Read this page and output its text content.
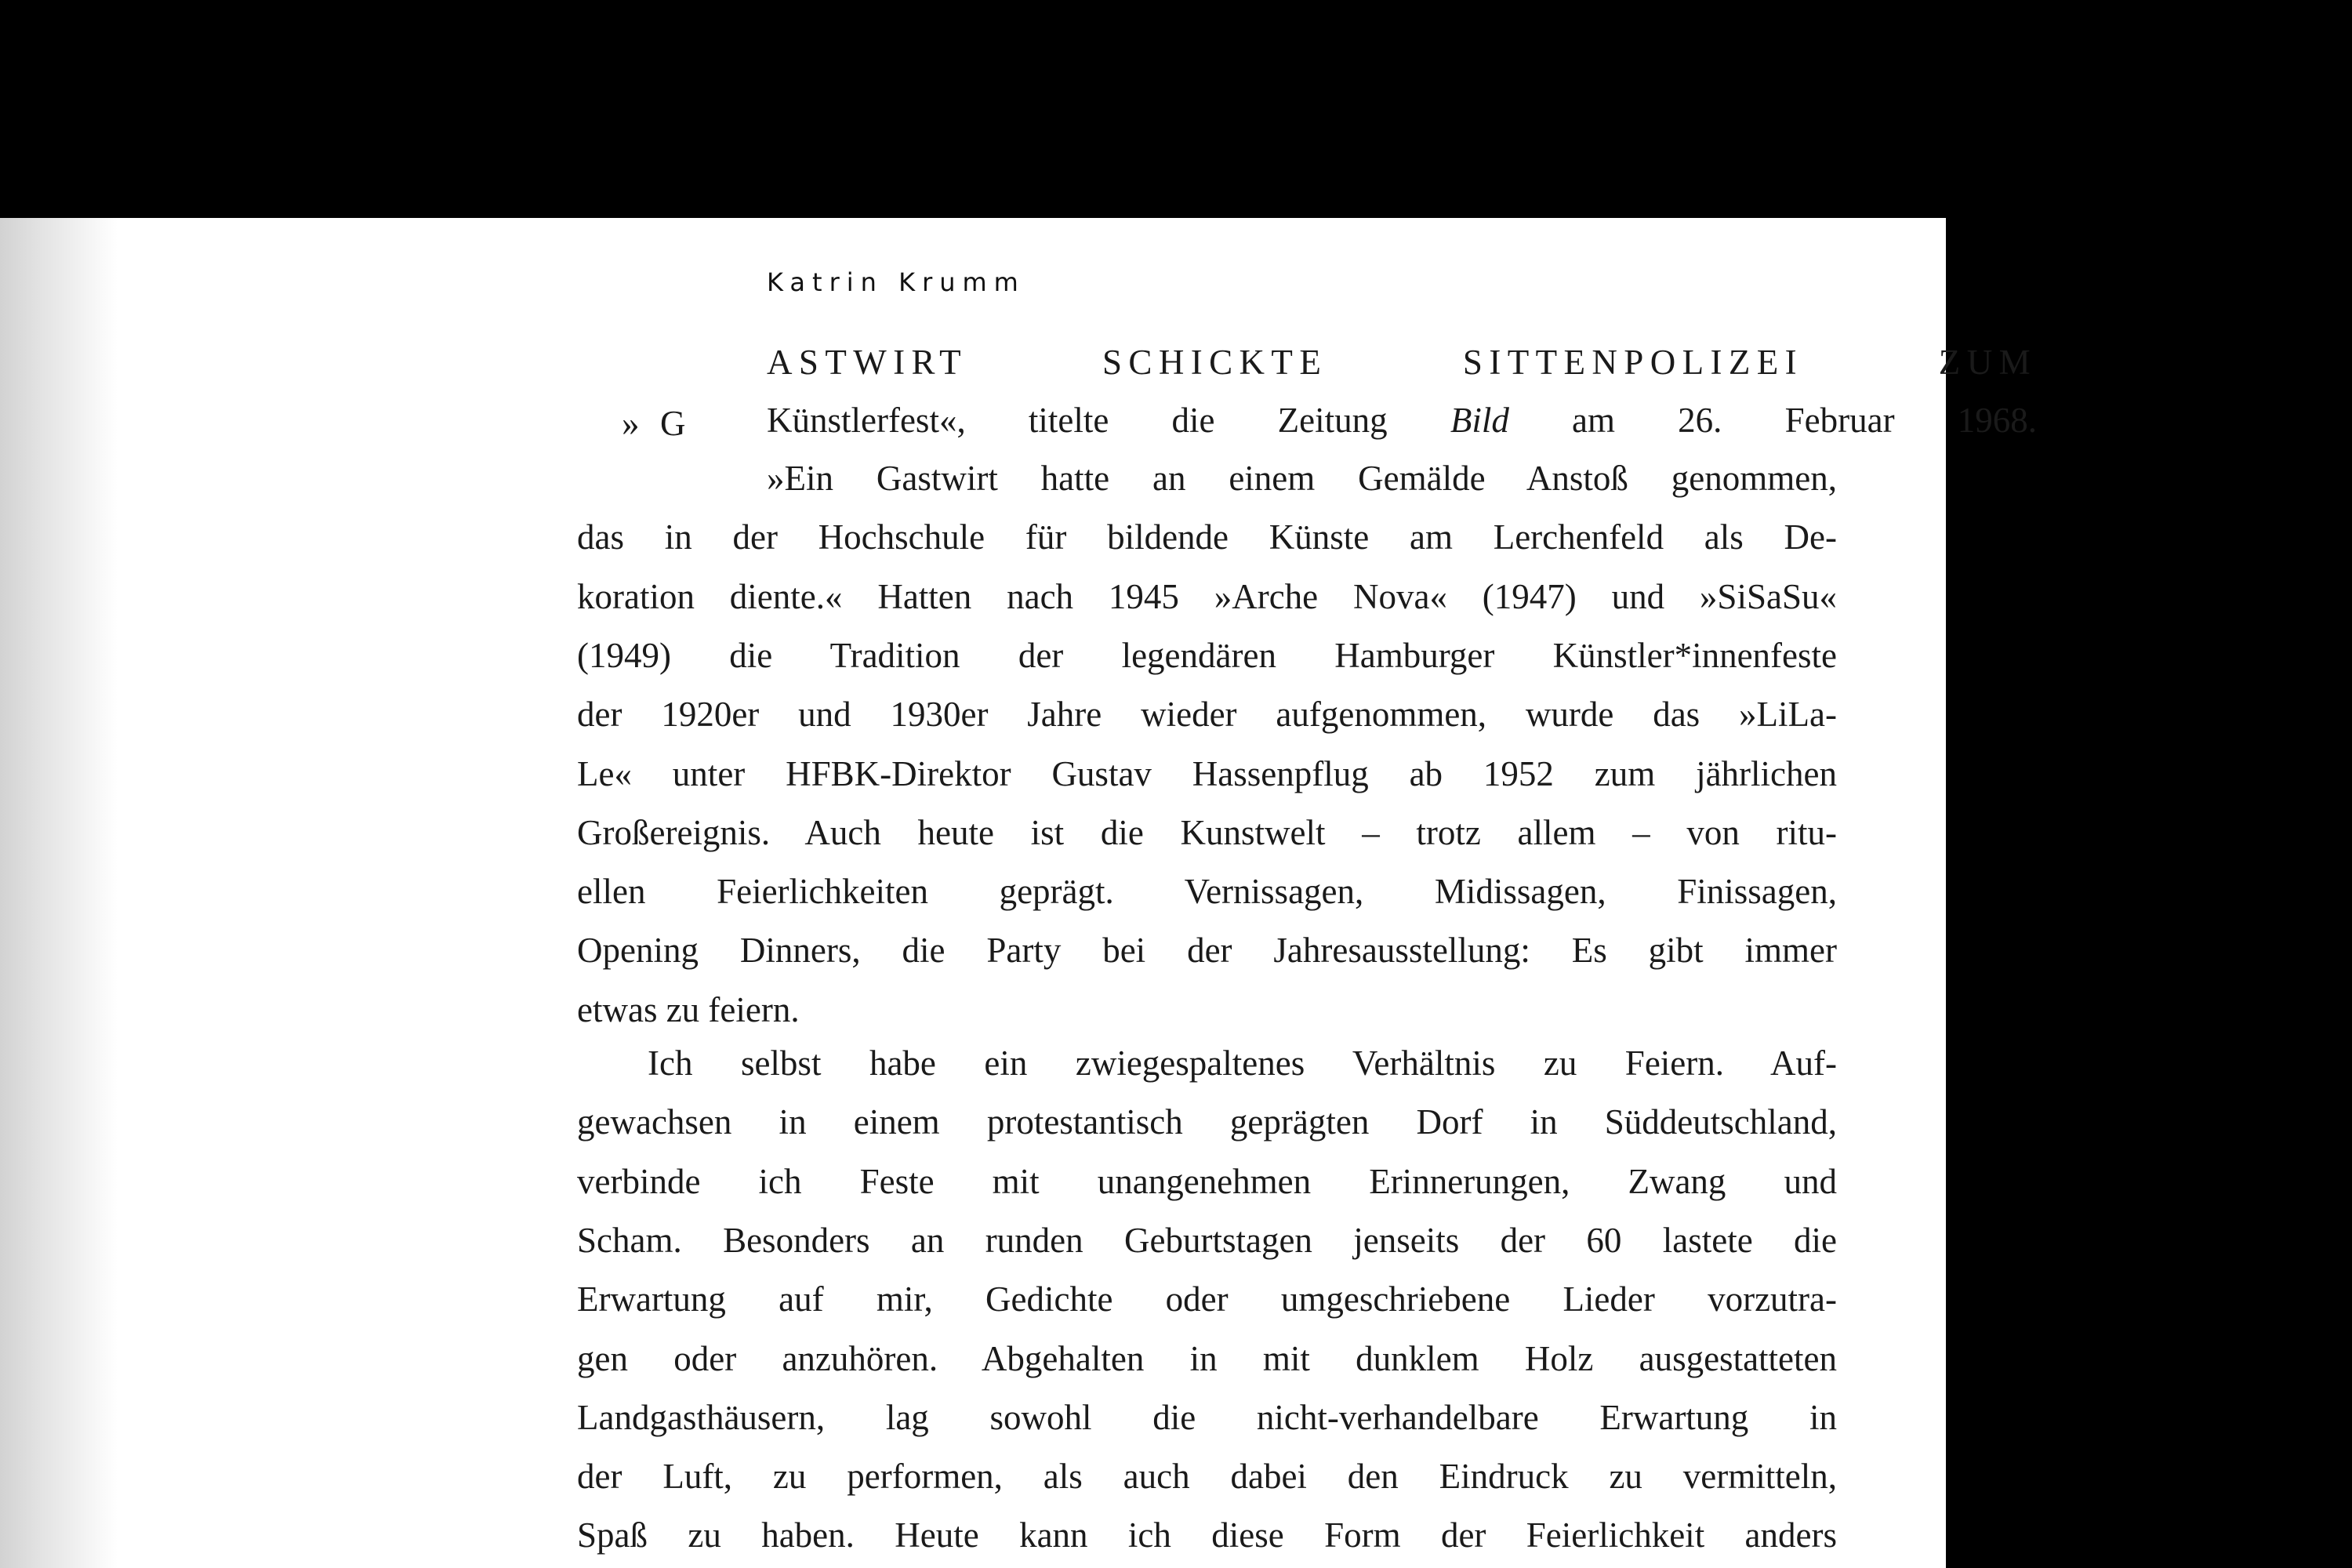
Katrin Krumm

ASTWIRT SCHICKTE SITTENPOLIZEI ZUM

» G Künstlerfest«, titelte die Zeitung Bild am 26. Februar 1968.

»Ein Gastwirt hatte an einem Gemälde Anstoß genommen,

das in der Hochschule für bildende Künste am Lerchenfeld als De-

koration diente.« Hatten nach 1945 »Arche Nova« (1947) und »SiSaSu«

(1949) die Tradition der legendären Hamburger Künstler*innenfeste

der 1920er und 1930er Jahre wieder aufgenommen, wurde das »LiLa-

Le« unter HFBK-Direktor Gustav Hassenpflug ab 1952 zum jährlichen

Großereignis. Auch heute ist die Kunstwelt – trotz allem – von ritu-

ellen Feierlichkeiten geprägt. Vernissagen, Midissagen, Finissagen,

Opening Dinners, die Party bei der Jahresausstellung: Es gibt immer

etwas zu feiern.

Ich selbst habe ein zwiegespaltenes Verhältnis zu Feiern. Auf-

gewachsen in einem protestantisch geprägten Dorf in Süddeutschland,

verbinde ich Feste mit unangenehmen Erinnerungen, Zwang und

Scham. Besonders an runden Geburtstagen jenseits der 60 lastete die

Erwartung auf mir, Gedichte oder umgeschriebene Lieder vorzutra-

gen oder anzuhören. Abgehalten in mit dunklem Holz ausgestatteten

Landgasthäusern, lag sowohl die nicht-verhandelbare Erwartung in

der Luft, zu performen, als auch dabei den Eindruck zu vermitteln,

Spaß zu haben. Heute kann ich diese Form der Feierlichkeit anders
